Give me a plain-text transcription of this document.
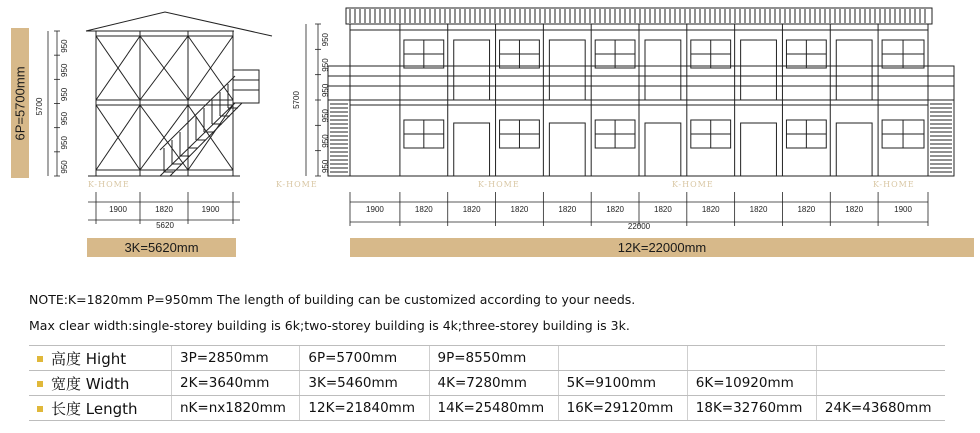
950
950
950
950
950
950
5700
1900	1820	1900
5620
950
950
950
950
950
950
5700
1900	1820	1820	1820	1820	1820	1820	1820	1820	1820	1820	1900
22000
6P=5700mm
3K=5620mm	12K=22000mm
K-HOME	K-HOME	K-HOME	K-HOME	K-HOME
NOTE:K=1820mm P=950mm The length of building can be customized according to your needs.
Max clear width:single-storey building is 6k;two-storey building is 4k;three-storey building is 3k.
高度 Hight	3P=2850mm	6P=5700mm	9P=8550mm			
宽度 Width	2K=3640mm	3K=5460mm	4K=7280mm	5K=9100mm	6K=10920mm	
长度 Length	nK=nx1820mm	12K=21840mm	14K=25480mm	16K=29120mm	18K=32760mm	24K=43680mm
